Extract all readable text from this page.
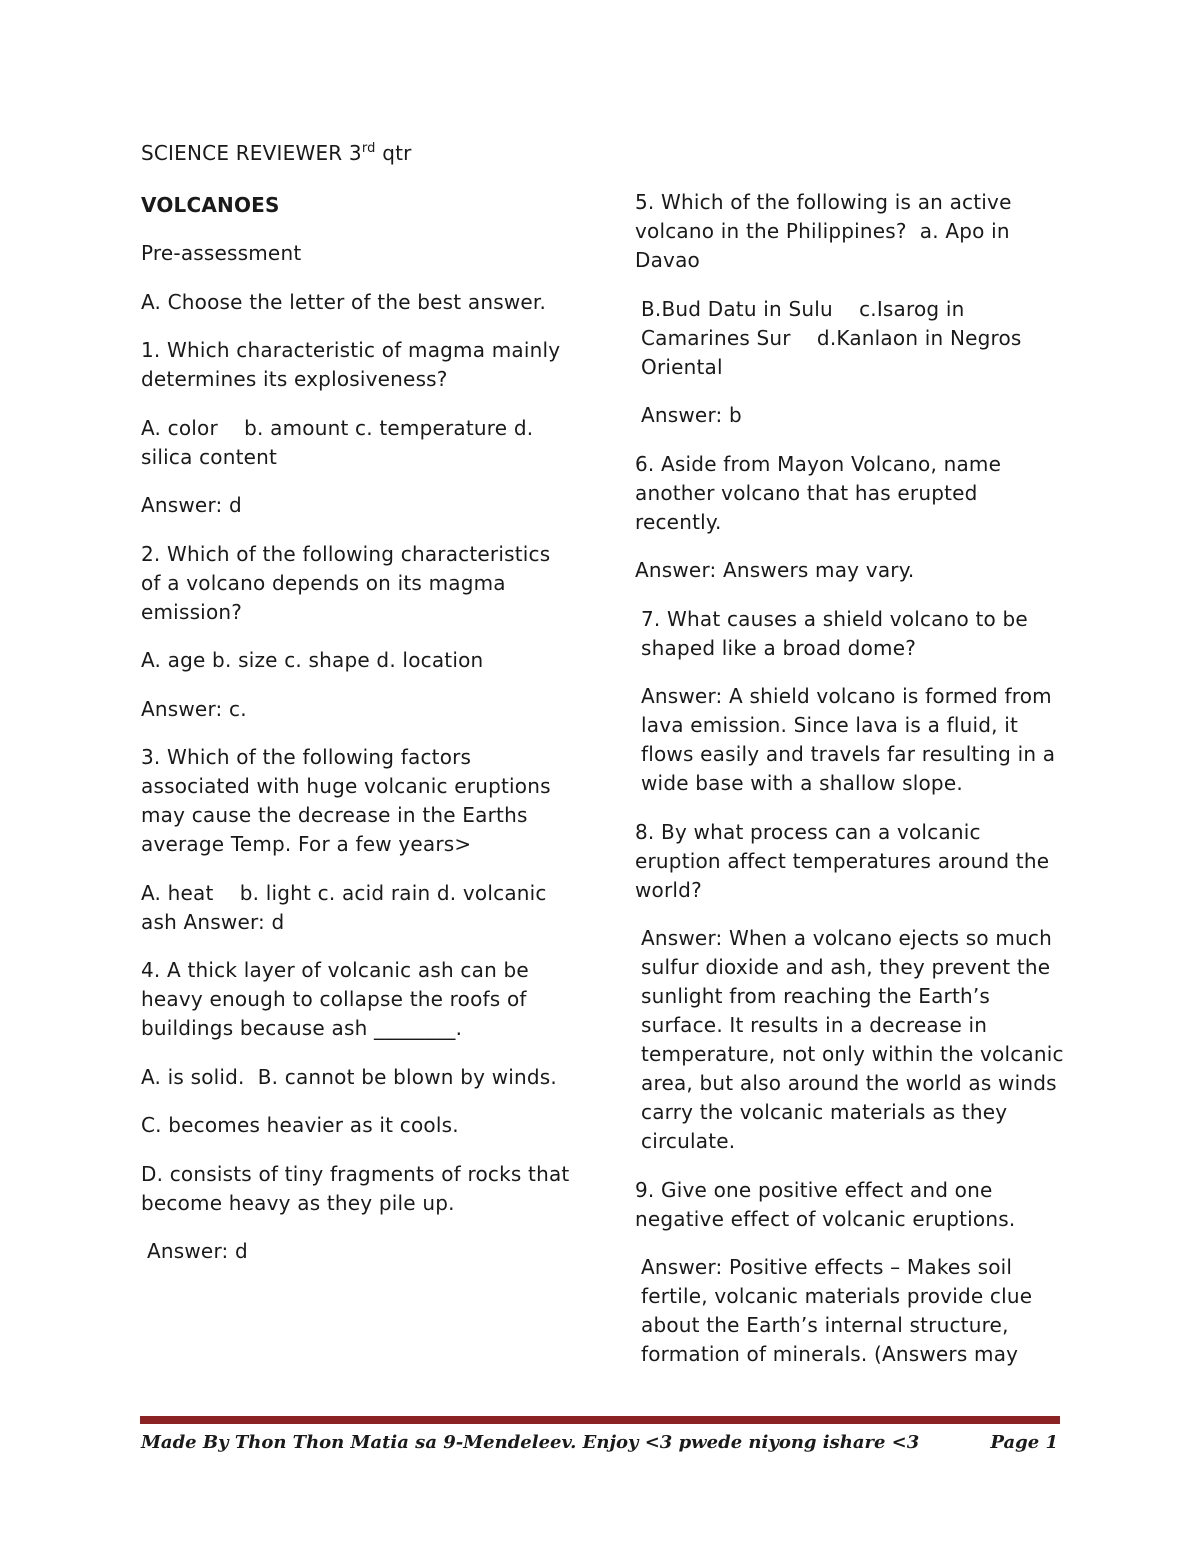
SCIENCE REVIEWER 3rd qtr

VOLCANOES

Pre-assessment

A. Choose the letter of the best answer.

1. Which characteristic of magma mainly determines its explosiveness?

A. color    b. amount c. temperature d. silica content

Answer: d

2. Which of the following characteristics of a volcano depends on its magma emission?

A. age b. size c. shape d. location

Answer: c.

3. Which of the following factors associated with huge volcanic eruptions may cause the decrease in the Earths average Temp. For a few years>

A. heat    b. light c. acid rain d. volcanic ash Answer: d

4. A thick layer of volcanic ash can be heavy enough to collapse the roofs of buildings because ash ________.

A. is solid.  B. cannot be blown by winds.

C. becomes heavier as it cools.

D. consists of tiny fragments of rocks that become heavy as they pile up.

Answer: d

5. Which of the following is an active volcano in the Philippines?  a. Apo in Davao

B.Bud Datu in Sulu    c.Isarog in Camarines Sur    d.Kanlaon in Negros Oriental

Answer: b

6. Aside from Mayon Volcano, name another volcano that has erupted recently.

Answer: Answers may vary.

7. What causes a shield volcano to be shaped like a broad dome?

Answer: A shield volcano is formed from lava emission. Since lava is a fluid, it flows easily and travels far resulting in a wide base with a shallow slope.

8. By what process can a volcanic eruption affect temperatures around the world?

Answer: When a volcano ejects so much sulfur dioxide and ash, they prevent the sunlight from reaching the Earth’s surface. It results in a decrease in temperature, not only within the volcanic area, but also around the world as winds carry the volcanic materials as they circulate.

9. Give one positive effect and one negative effect of volcanic eruptions.

Answer: Positive effects – Makes soil fertile, volcanic materials provide clue about the Earth’s internal structure, formation of minerals. (Answers may

Made By Thon Thon Matia sa 9-Mendeleev. Enjoy <3 pwede niyong ishare <3	Page 1
